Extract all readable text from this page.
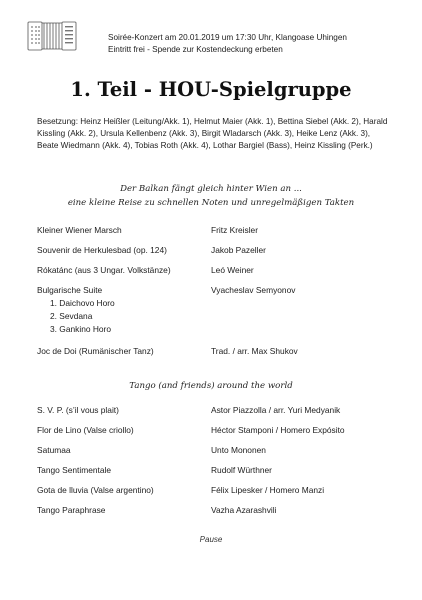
Soirée-Konzert am 20.01.2019 um 17:30 Uhr, Klangoase Uhingen
Eintritt frei - Spende zur Kostendeckung erbeten
1. Teil - HOU-Spielgruppe
Besetzung: Heinz Heißler (Leitung/Akk. 1), Helmut Maier (Akk. 1), Bettina Siebel (Akk. 2), Harald Kissling (Akk. 2), Ursula Kellenbenz (Akk. 3), Birgit Wladarsch (Akk. 3), Heike Lenz (Akk. 3), Beate Wiedmann (Akk. 4), Tobias Roth (Akk. 4), Lothar Bargiel (Bass), Heinz Kissling (Perk.)
Der Balkan fängt gleich hinter Wien an ...
eine kleine Reise zu schnellen Noten und unregelmäßigen Takten
Kleiner Wiener Marsch	Fritz Kreisler
Souvenir de Herkulesbad (op. 124)	Jakob Pazeller
Rókatánc (aus 3 Ungar. Volkstänze)	Leó Weiner
Bulgarische Suite	Vyacheslav Semyonov
1. Daichovo Horo
2. Sevdana
3. Gankino Horo
Joc de Doi (Rumänischer Tanz)	Trad. / arr. Max Shukov
Tango (and friends) around the world
S. V. P. (s’il vous plait)	Astor Piazzolla / arr. Yuri Medyanik
Flor de Lino (Valse criollo)	Héctor Stamponi / Homero Expósito
Satumaa	Unto Mononen
Tango Sentimentale	Rudolf Würthner
Gota de lluvia (Valse argentino)	Félix Lipesker / Homero Manzi
Tango Paraphrase	Vazha Azarashvili
Pause
